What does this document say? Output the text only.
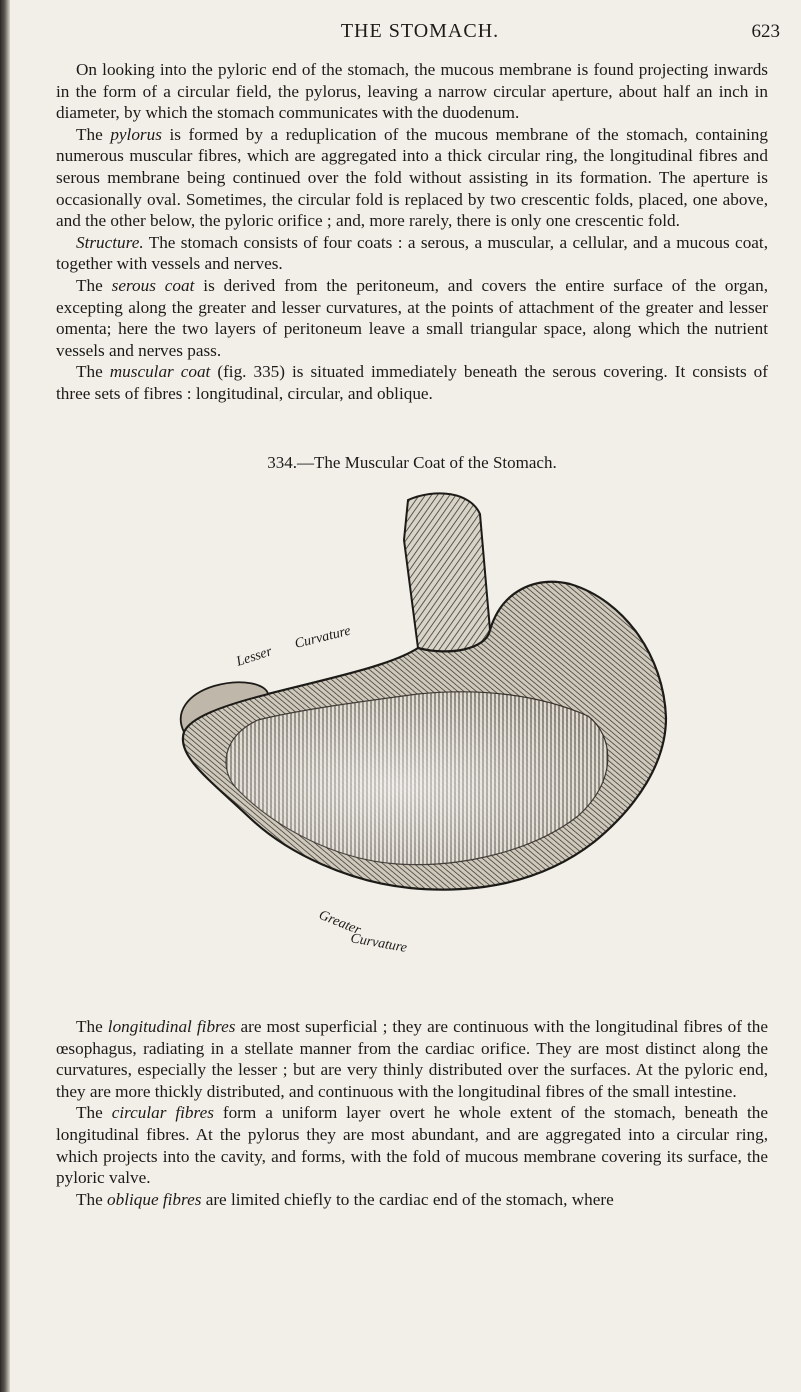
THE STOMACH.	623

On looking into the pyloric end of the stomach, the mucous membrane is found projecting inwards in the form of a circular field, the pylorus, leaving a narrow circular aperture, about half an inch in diameter, by which the stomach communicates with the duodenum.

The pylorus is formed by a reduplication of the mucous membrane of the stomach, containing numerous muscular fibres, which are aggregated into a thick circular ring, the longitudinal fibres and serous membrane being continued over the fold without assisting in its formation. The aperture is occasionally oval. Sometimes, the circular fold is replaced by two crescentic folds, placed, one above, and the other below, the pyloric orifice ; and, more rarely, there is only one crescentic fold.

Structure. The stomach consists of four coats : a serous, a muscular, a cellular, and a mucous coat, together with vessels and nerves.

The serous coat is derived from the peritoneum, and covers the entire surface of the organ, excepting along the greater and lesser curvatures, at the points of attachment of the greater and lesser omenta; here the two layers of peritoneum leave a small triangular space, along which the nutrient vessels and nerves pass.

The muscular coat (fig. 335) is situated immediately beneath the serous covering. It consists of three sets of fibres : longitudinal, circular, and oblique.

334.—The Muscular Coat of the Stomach.
Lesser
Curvature
Greater
Curvature

The longitudinal fibres are most superficial ; they are continuous with the longitudinal fibres of the œsophagus, radiating in a stellate manner from the cardiac orifice. They are most distinct along the curvatures, especially the lesser ; but are very thinly distributed over the surfaces. At the pyloric end, they are more thickly distributed, and continuous with the longitudinal fibres of the small intestine.

The circular fibres form a uniform layer overt he whole extent of the stomach, beneath the longitudinal fibres. At the pylorus they are most abundant, and are aggregated into a circular ring, which projects into the cavity, and forms, with the fold of mucous membrane covering its surface, the pyloric valve.

The oblique fibres are limited chiefly to the cardiac end of the stomach, where
